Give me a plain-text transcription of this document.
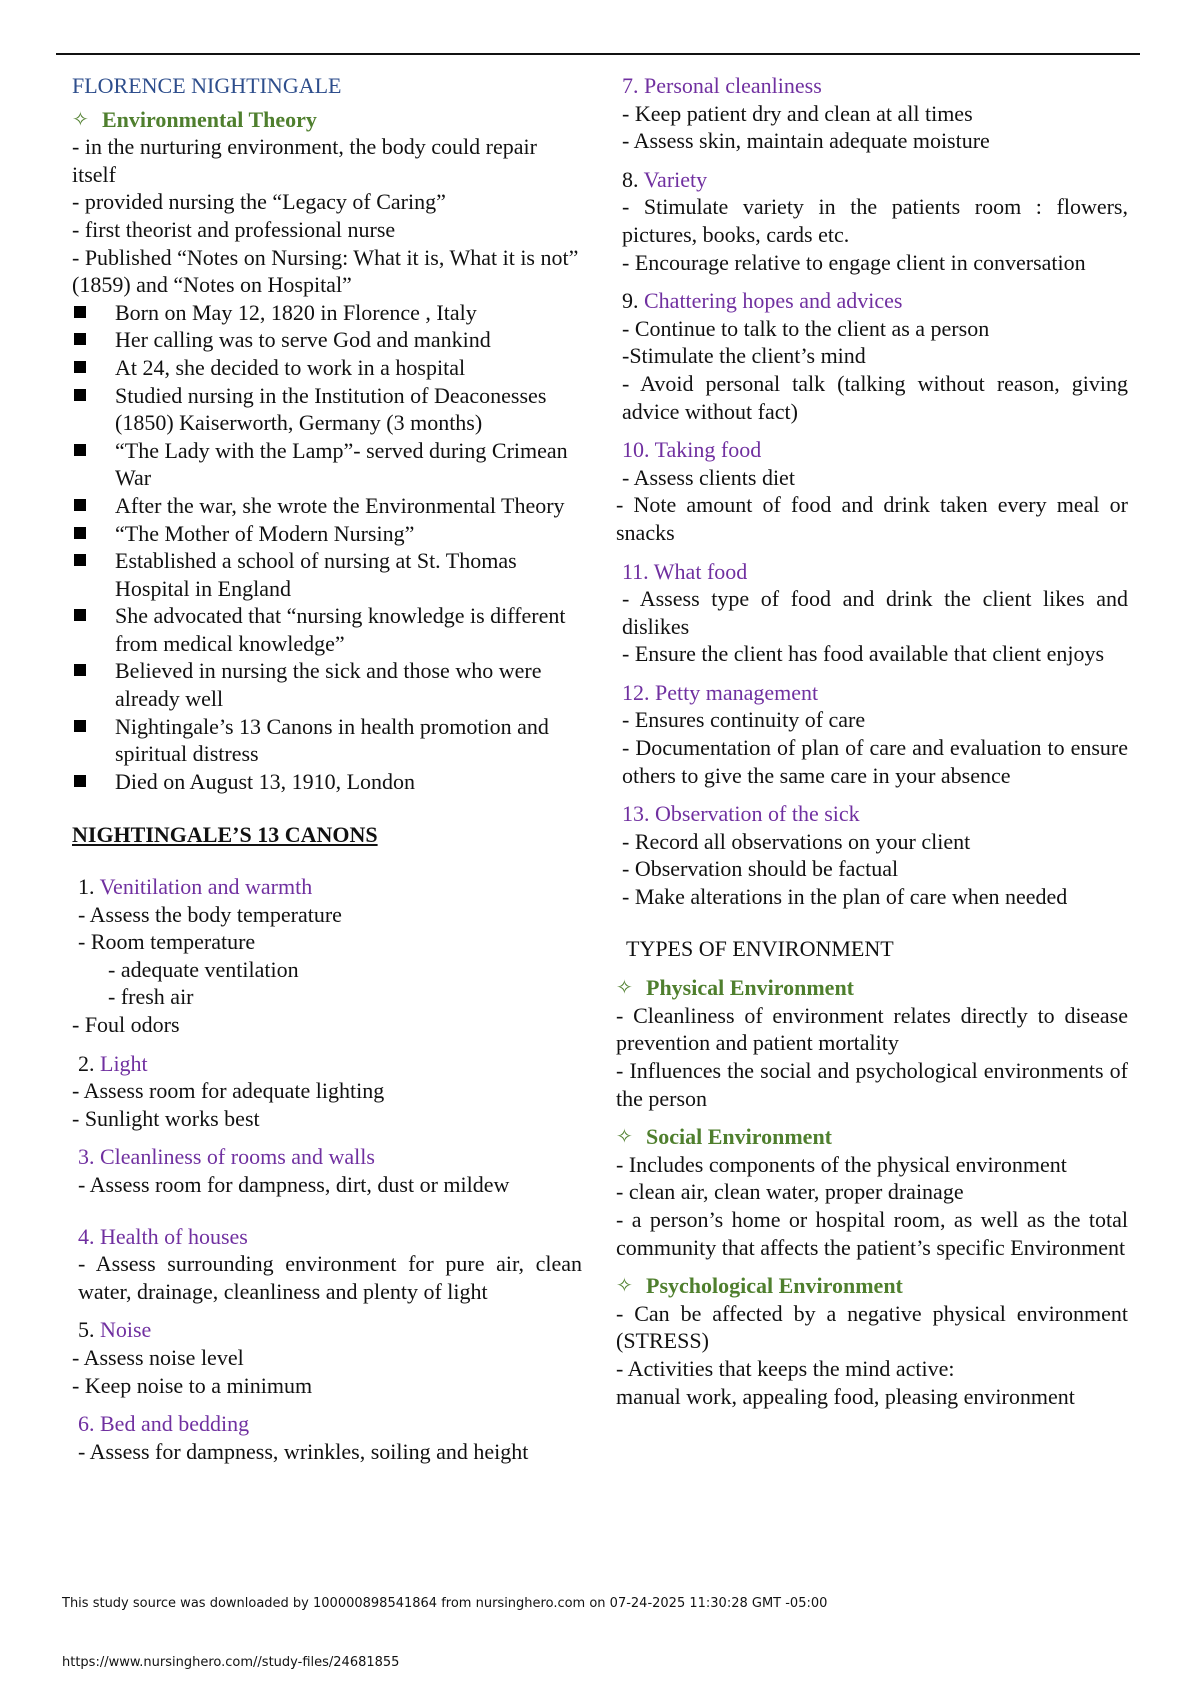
FLORENCE NIGHTINGALE
✧ Environmental Theory
- in the nurturing environment, the body could repair itself
- provided nursing the “Legacy of Caring”
- first theorist and professional nurse
- Published “Notes on Nursing: What it is, What it is not” (1859) and “Notes on Hospital”
Born on May 12, 1820 in Florence , Italy
Her calling was to serve God and mankind
At 24, she decided to work in a hospital
Studied nursing in the Institution of Deaconesses (1850) Kaiserworth, Germany (3 months)
“The Lady with the Lamp”- served during Crimean War
After the war, she wrote the Environmental Theory
“The Mother of Modern Nursing”
Established a school of nursing at St. Thomas Hospital in England
She advocated that “nursing knowledge is different from medical knowledge”
Believed in nursing the sick and those who were already well
Nightingale’s 13 Canons in health promotion and spiritual distress
Died on August 13, 1910, London
NIGHTINGALE’S 13 CANONS
1. Venitilation and warmth
- Assess the body temperature
- Room temperature
- adequate ventilation
- fresh air
- Foul odors
2. Light
- Assess room for adequate lighting
- Sunlight works best
3. Cleanliness of rooms and walls
- Assess room for dampness, dirt, dust or mildew
4. Health of houses
- Assess surrounding environment for pure air, clean water, drainage, cleanliness and plenty of light
5. Noise
- Assess noise level
- Keep noise to a minimum
6. Bed and bedding
- Assess for dampness, wrinkles, soiling and height
7. Personal cleanliness
- Keep patient dry and clean at all times
- Assess skin, maintain adequate moisture
8. Variety
- Stimulate variety in the patients room : flowers, pictures, books, cards etc.
- Encourage relative to engage client in conversation
9. Chattering hopes and advices
- Continue to talk to the client as a person
-Stimulate the client’s mind
- Avoid personal talk (talking without reason, giving advice without fact)
10. Taking food
- Assess clients diet
- Note amount of food and drink taken every meal or snacks
11. What food
- Assess type of food and drink the client likes and dislikes
- Ensure the client has food available that client enjoys
12. Petty management
- Ensures continuity of care
- Documentation of plan of care and evaluation to ensure others to give the same care in your absence
13. Observation of the sick
- Record all observations on your client
- Observation should be factual
- Make alterations in the plan of care when needed
TYPES OF ENVIRONMENT
✧ Physical Environment
- Cleanliness of environment relates directly to disease prevention and patient mortality
- Influences the social and psychological environments of the person
✧ Social Environment
- Includes components of the physical environment
- clean air, clean water, proper drainage
- a person’s home or hospital room, as well as the total community that affects the patient’s specific Environment
✧ Psychological Environment
- Can be affected by a negative physical environment (STRESS)
- Activities that keeps the mind active:
manual work, appealing food, pleasing environment
This study source was downloaded by 100000898541864 from nursinghero.com on 07-24-2025 11:30:28 GMT -05:00
https://www.nursinghero.com//study-files/24681855
